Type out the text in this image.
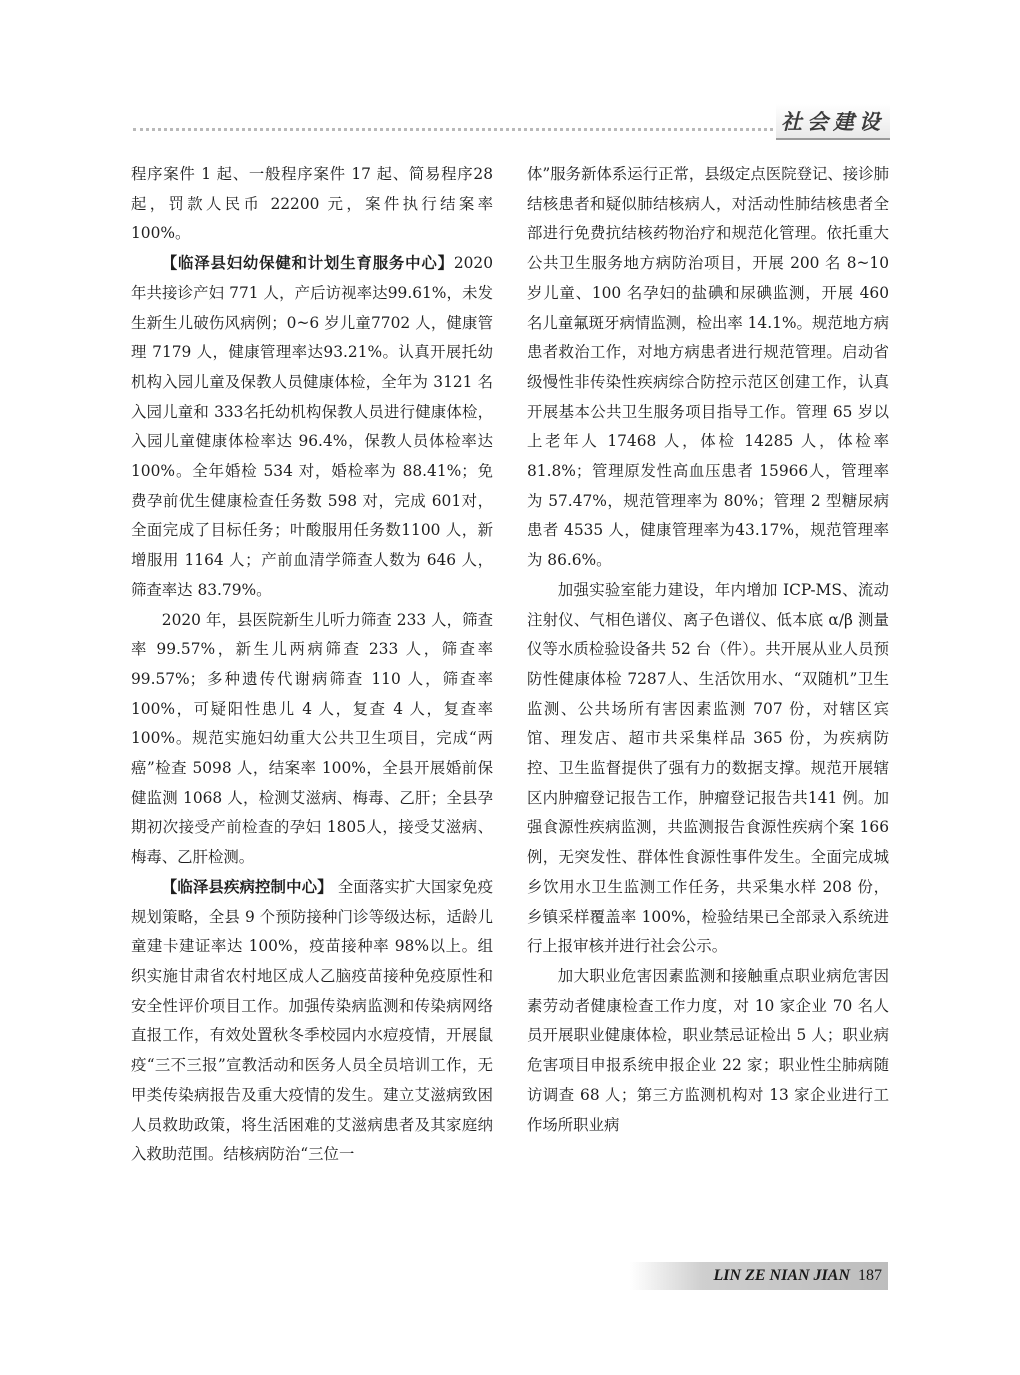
社会建设

程序案件 1 起、一般程序案件 17 起、简易程序28 起，罚款人民币 22200 元，案件执行结案率100%。

【临泽县妇幼保健和计划生育服务中心】2020 年共接诊产妇 771 人，产后访视率达99.61%，未发生新生儿破伤风病例；0~6 岁儿童7702 人，健康管理 7179 人，健康管理率达93.21%。认真开展托幼机构入园儿童及保教人员健康体检，全年为 3121 名入园儿童和 333名托幼机构保教人员进行健康体检，入园儿童健康体检率达 96.4%，保教人员体检率达100%。全年婚检 534 对，婚检率为 88.41%；免费孕前优生健康检查任务数 598 对，完成 601对，全面完成了目标任务；叶酸服用任务数1100 人，新增服用 1164 人；产前血清学筛查人数为 646 人，筛查率达 83.79%。

2020 年，县医院新生儿听力筛查 233 人，筛查率 99.57%，新生儿两病筛查 233 人，筛查率 99.57%；多种遗传代谢病筛查 110 人，筛查率 100%，可疑阳性患儿 4 人，复查 4 人，复查率 100%。规范实施妇幼重大公共卫生项目，完成“两癌”检查 5098 人，结案率 100%，全县开展婚前保健监测 1068 人，检测艾滋病、梅毒、乙肝；全县孕期初次接受产前检查的孕妇 1805人，接受艾滋病、梅毒、乙肝检测。

【临泽县疾病控制中心】 全面落实扩大国家免疫规划策略，全县 9 个预防接种门诊等级达标，适龄儿童建卡建证率达 100%，疫苗接种率 98%以上。组织实施甘肃省农村地区成人乙脑疫苗接种免疫原性和安全性评价项目工作。加强传染病监测和传染病网络直报工作，有效处置秋冬季校园内水痘疫情，开展鼠疫“三不三报”宣教活动和医务人员全员培训工作，无甲类传染病报告及重大疫情的发生。建立艾滋病致困人员救助政策，将生活困难的艾滋病患者及其家庭纳入救助范围。结核病防治“三位一

体”服务新体系运行正常，县级定点医院登记、接诊肺结核患者和疑似肺结核病人，对活动性肺结核患者全部进行免费抗结核药物治疗和规范化管理。依托重大公共卫生服务地方病防治项目，开展 200 名 8~10 岁儿童、100 名孕妇的盐碘和尿碘监测，开展 460 名儿童氟斑牙病情监测，检出率 14.1%。规范地方病患者救治工作，对地方病患者进行规范管理。启动省级慢性非传染性疾病综合防控示范区创建工作，认真开展基本公共卫生服务项目指导工作。管理 65 岁以上老年人 17468 人，体检 14285 人，体检率 81.8%；管理原发性高血压患者 15966人，管理率为 57.47%，规范管理率为 80%；管理 2 型糖尿病患者 4535 人，健康管理率为43.17%，规范管理率为 86.6%。

加强实验室能力建设，年内增加 ICP-MS、流动注射仪、气相色谱仪、离子色谱仪、低本底 α/β 测量仪等水质检验设备共 52 台（件）。共开展从业人员预防性健康体检 7287人、生活饮用水、“双随机”卫生监测、公共场所有害因素监测 707 份，对辖区宾馆、理发店、超市共采集样品 365 份，为疾病防控、卫生监督提供了强有力的数据支撑。规范开展辖区内肿瘤登记报告工作，肿瘤登记报告共141 例。加强食源性疾病监测，共监测报告食源性疾病个案 166 例，无突发性、群体性食源性事件发生。全面完成城乡饮用水卫生监测工作任务，共采集水样 208 份，乡镇采样覆盖率 100%，检验结果已全部录入系统进行上报审核并进行社会公示。

加大职业危害因素监测和接触重点职业病危害因素劳动者健康检查工作力度，对 10 家企业 70 名人员开展职业健康体检，职业禁忌证检出 5 人；职业病危害项目申报系统申报企业 22 家；职业性尘肺病随访调查 68 人；第三方监测机构对 13 家企业进行工作场所职业病

LIN ZE NIAN JIAN 187
